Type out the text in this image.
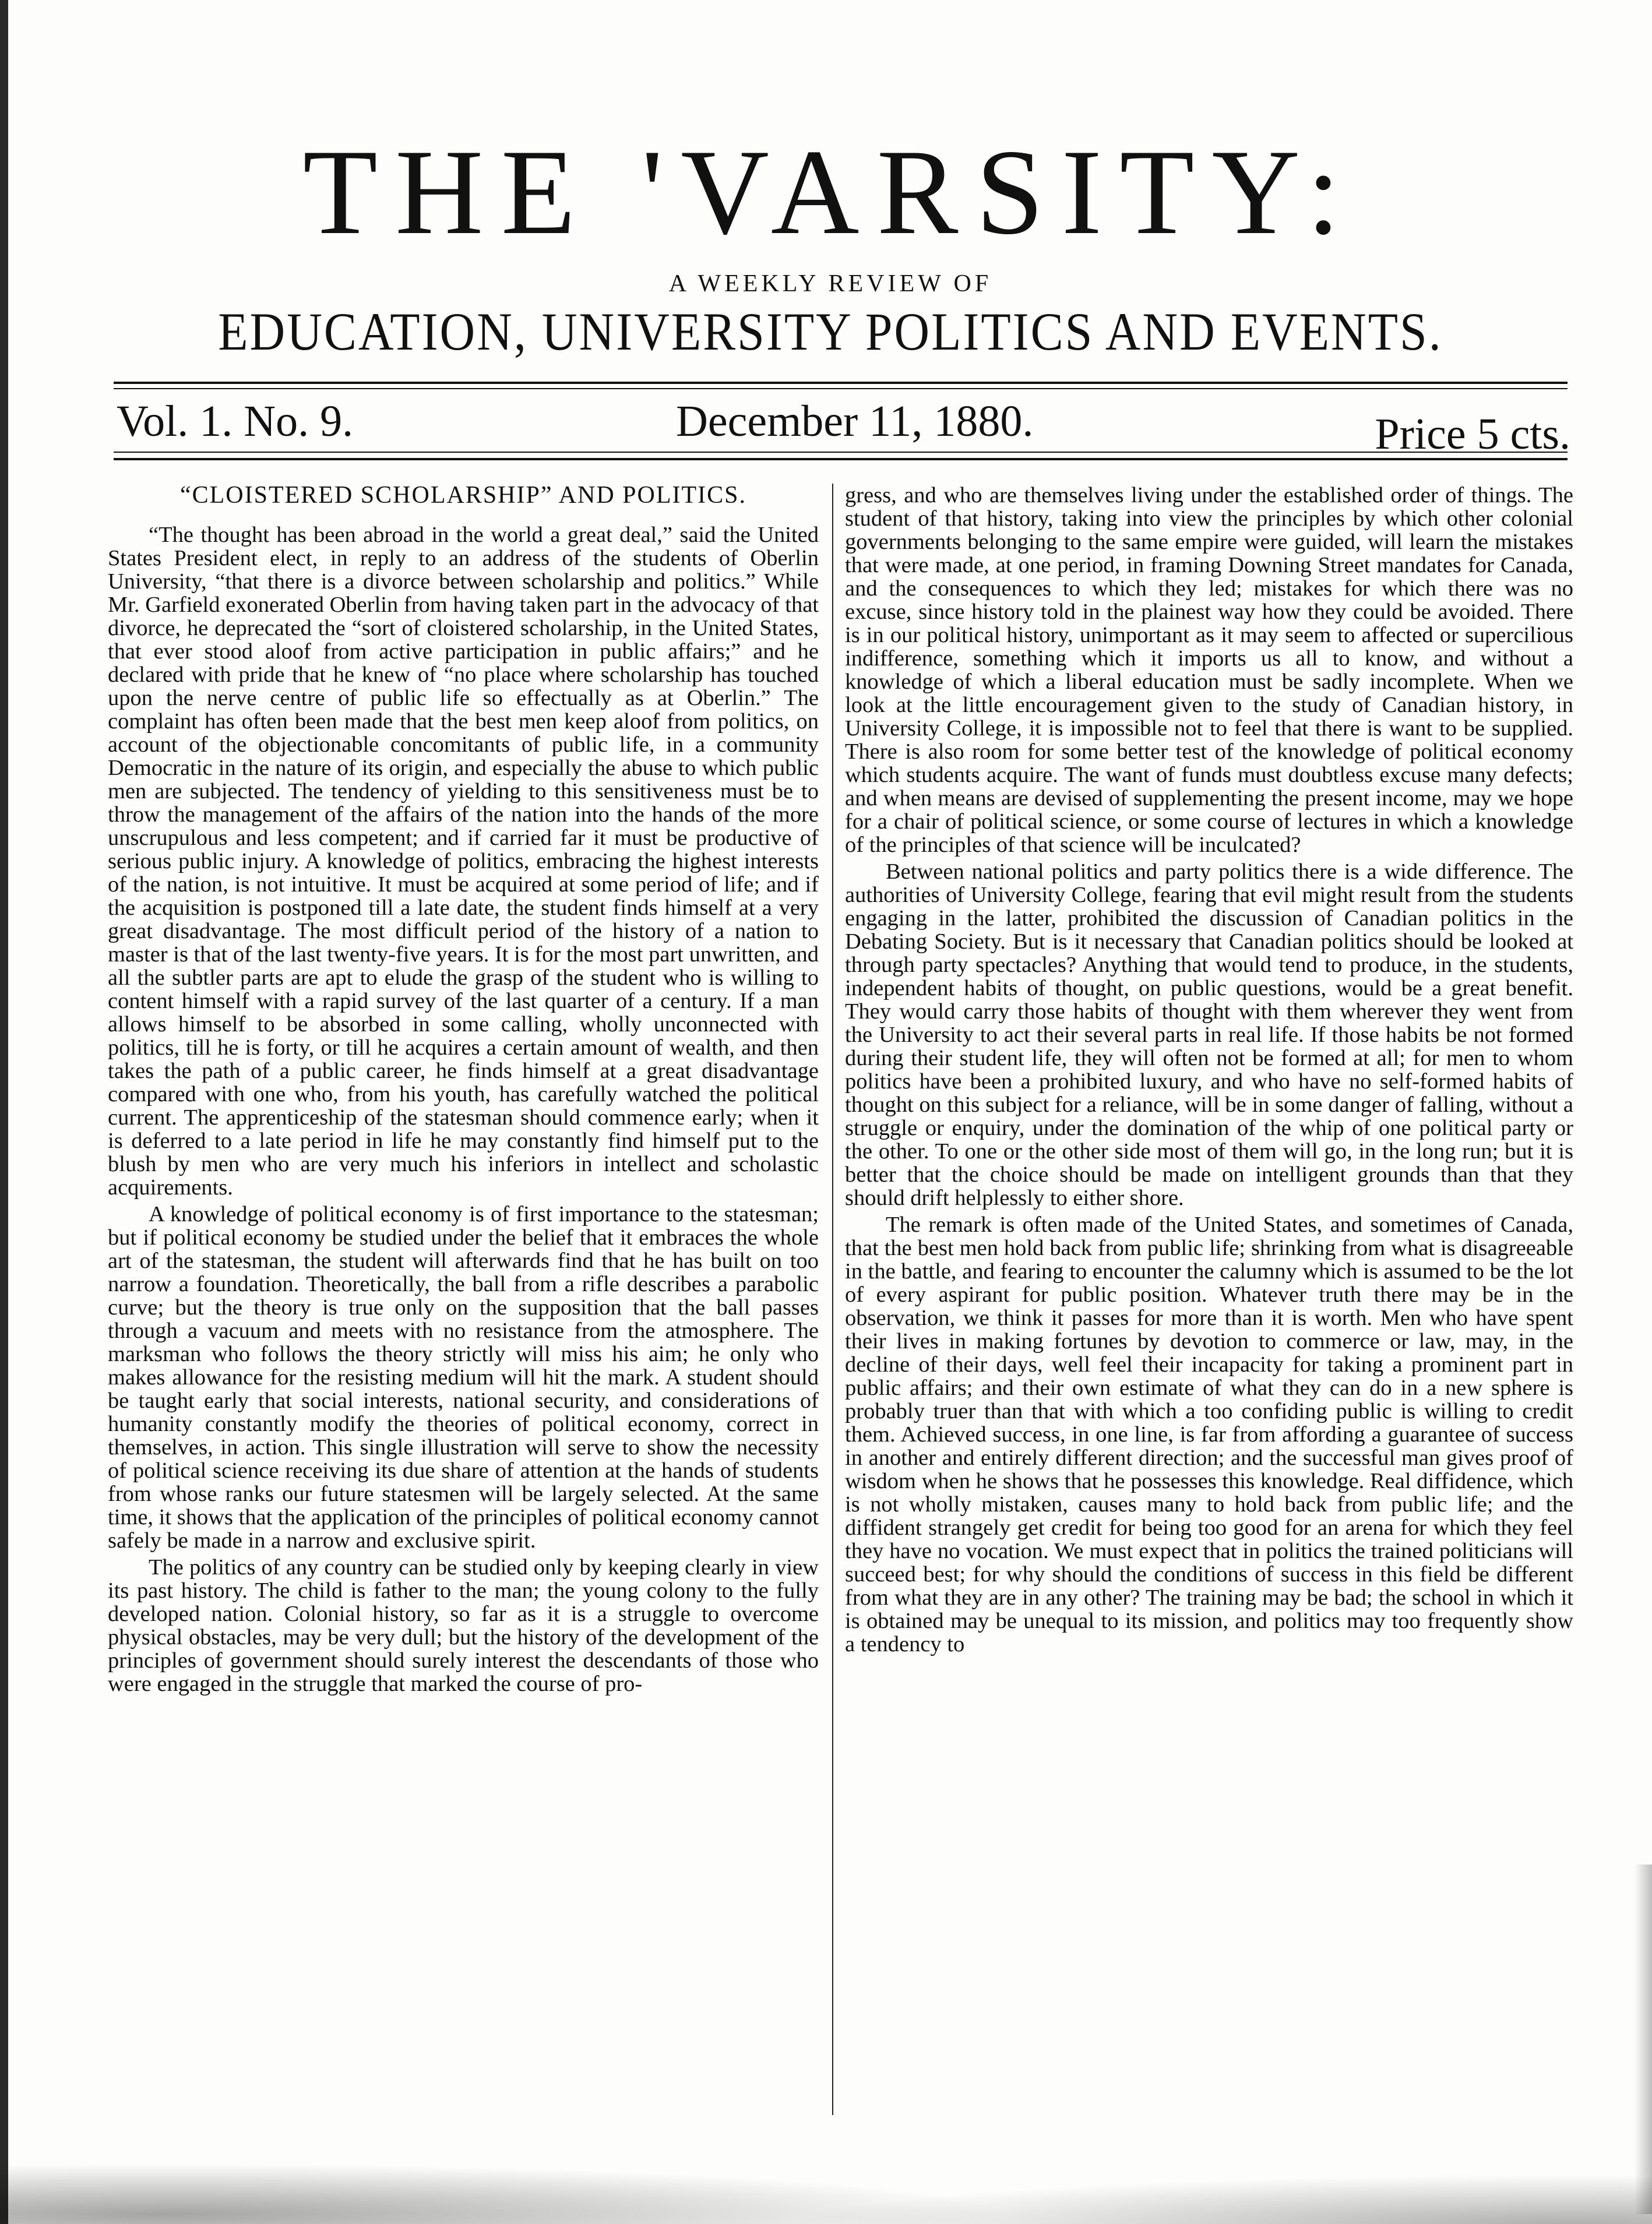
THE 'VARSITY:
A WEEKLY REVIEW OF
EDUCATION, UNIVERSITY POLITICS AND EVENTS.
Vol. 1. No. 9.	December 11, 1880.	Price 5 cts.
“CLOISTERED SCHOLARSHIP” AND POLITICS.

“The thought has been abroad in the world a great deal,” said the United States President elect, in reply to an address of the students of Oberlin University, “that there is a divorce between scholarship and politics.” While Mr. Garfield exonerated Oberlin from having taken part in the advocacy of that divorce, he deprecated the “sort of cloistered scholarship, in the United States, that ever stood aloof from active participation in public affairs;” and he declared with pride that he knew of “no place where scholarship has touched upon the nerve centre of public life so effectually as at Oberlin.” The complaint has often been made that the best men keep aloof from politics, on account of the objectionable concomitants of public life, in a community Democratic in the nature of its origin, and especially the abuse to which public men are subjected. The tendency of yielding to this sensitiveness must be to throw the management of the affairs of the nation into the hands of the more unscrupulous and less competent; and if carried far it must be productive of serious public injury. A knowledge of politics, embracing the highest interests of the nation, is not intuitive. It must be acquired at some period of life; and if the acquisition is postponed till a late date, the student finds himself at a very great disadvantage. The most difficult period of the history of a nation to master is that of the last twenty-five years. It is for the most part unwritten, and all the subtler parts are apt to elude the grasp of the student who is willing to content himself with a rapid survey of the last quarter of a century. If a man allows himself to be absorbed in some calling, wholly unconnected with politics, till he is forty, or till he acquires a certain amount of wealth, and then takes the path of a public career, he finds himself at a great disadvantage compared with one who, from his youth, has carefully watched the political current. The apprenticeship of the statesman should commence early; when it is deferred to a late period in life he may constantly find himself put to the blush by men who are very much his inferiors in intellect and scholastic acquirements.

A knowledge of political economy is of first importance to the statesman; but if political economy be studied under the belief that it embraces the whole art of the statesman, the student will afterwards find that he has built on too narrow a foundation. Theoretically, the ball from a rifle describes a parabolic curve; but the theory is true only on the supposition that the ball passes through a vacuum and meets with no resistance from the atmosphere. The marksman who follows the theory strictly will miss his aim; he only who makes allowance for the resisting medium will hit the mark. A student should be taught early that social interests, national security, and considerations of humanity constantly modify the theories of political economy, correct in themselves, in action. This single illustration will serve to show the necessity of political science receiving its due share of attention at the hands of students from whose ranks our future statesmen will be largely selected. At the same time, it shows that the application of the principles of political economy cannot safely be made in a narrow and exclusive spirit.

The politics of any country can be studied only by keeping clearly in view its past history. The child is father to the man; the young colony to the fully developed nation. Colonial history, so far as it is a struggle to overcome physical obstacles, may be very dull; but the history of the development of the principles of government should surely interest the descendants of those who were engaged in the struggle that marked the course of pro-

gress, and who are themselves living under the established order of things. The student of that history, taking into view the principles by which other colonial governments belonging to the same empire were guided, will learn the mistakes that were made, at one period, in framing Downing Street mandates for Canada, and the consequences to which they led; mistakes for which there was no excuse, since history told in the plainest way how they could be avoided. There is in our political history, unimportant as it may seem to affected or supercilious indifference, something which it imports us all to know, and without a knowledge of which a liberal education must be sadly incomplete. When we look at the little encouragement given to the study of Canadian history, in University College, it is impossible not to feel that there is want to be supplied. There is also room for some better test of the knowledge of political economy which students acquire. The want of funds must doubtless excuse many defects; and when means are devised of supplementing the present income, may we hope for a chair of political science, or some course of lectures in which a knowledge of the principles of that science will be inculcated?

Between national politics and party politics there is a wide difference. The authorities of University College, fearing that evil might result from the students engaging in the latter, prohibited the discussion of Canadian politics in the Debating Society. But is it necessary that Canadian politics should be looked at through party spectacles? Anything that would tend to produce, in the students, independent habits of thought, on public questions, would be a great benefit. They would carry those habits of thought with them wherever they went from the University to act their several parts in real life. If those habits be not formed during their student life, they will often not be formed at all; for men to whom politics have been a prohibited luxury, and who have no self-formed habits of thought on this subject for a reliance, will be in some danger of falling, without a struggle or enquiry, under the domination of the whip of one political party or the other. To one or the other side most of them will go, in the long run; but it is better that the choice should be made on intelligent grounds than that they should drift helplessly to either shore.

The remark is often made of the United States, and sometimes of Canada, that the best men hold back from public life; shrinking from what is disagreeable in the battle, and fearing to encounter the calumny which is assumed to be the lot of every aspirant for public position. Whatever truth there may be in the observation, we think it passes for more than it is worth. Men who have spent their lives in making fortunes by devotion to commerce or law, may, in the decline of their days, well feel their incapacity for taking a prominent part in public affairs; and their own estimate of what they can do in a new sphere is probably truer than that with which a too confiding public is willing to credit them. Achieved success, in one line, is far from affording a guarantee of success in another and entirely different direction; and the successful man gives proof of wisdom when he shows that he possesses this knowledge. Real diffidence, which is not wholly mistaken, causes many to hold back from public life; and the diffident strangely get credit for being too good for an arena for which they feel they have no vocation. We must expect that in politics the trained politicians will succeed best; for why should the conditions of success in this field be different from what they are in any other? The training may be bad; the school in which it is obtained may be unequal to its mission, and politics may too frequently show a tendency to
